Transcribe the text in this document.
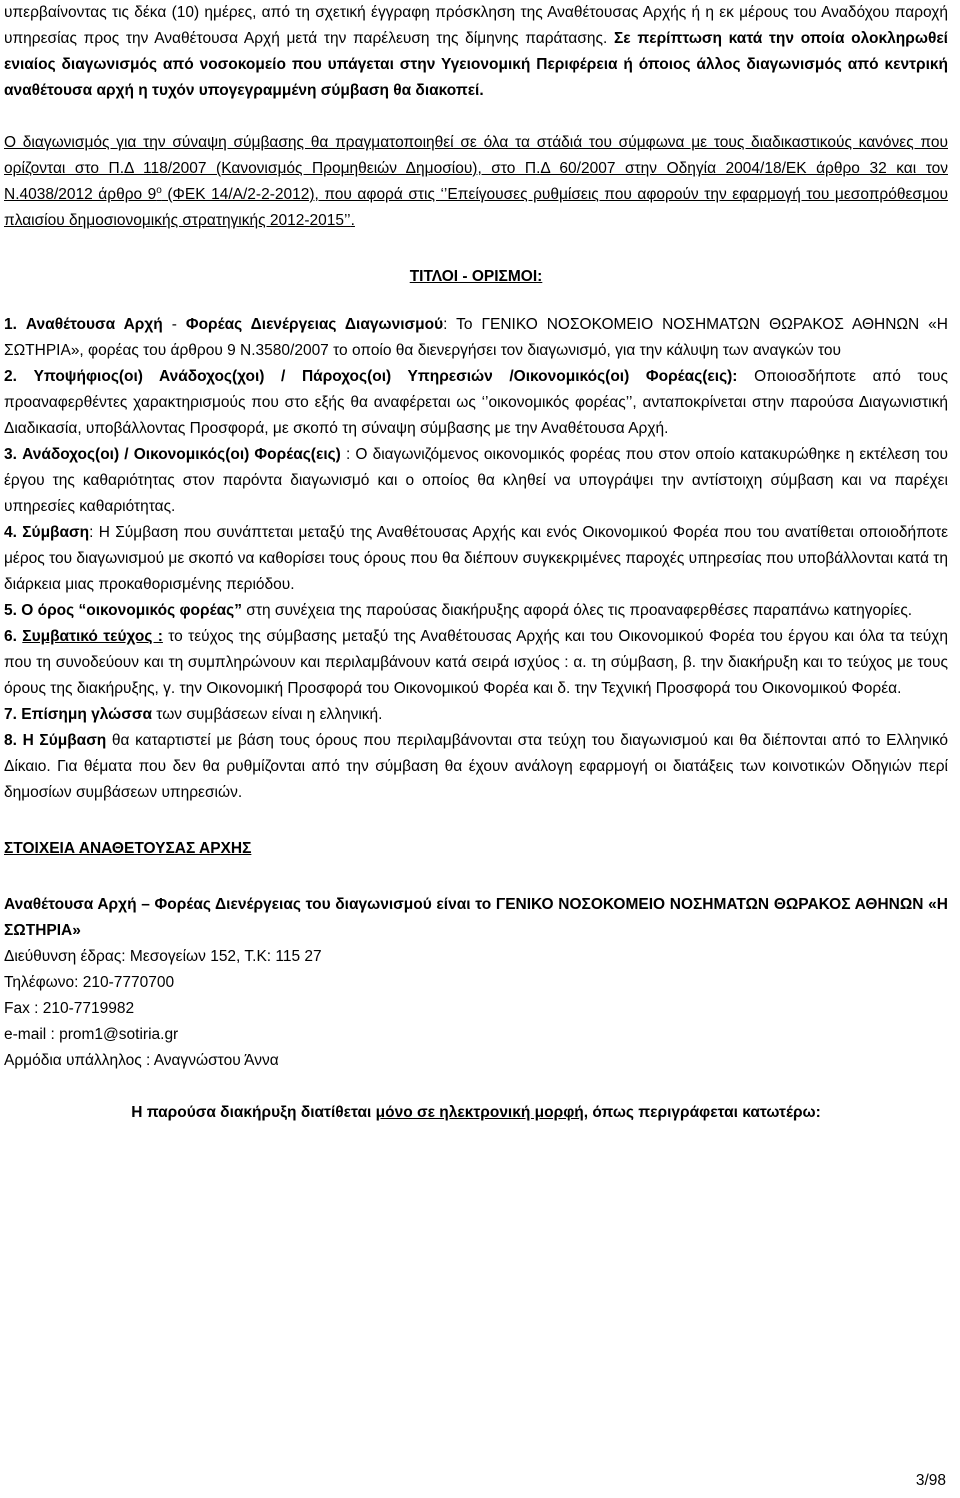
υπερβαίνοντας τις δέκα (10) ημέρες, από τη σχετική έγγραφη πρόσκληση της Αναθέτουσας Αρχής ή η εκ μέρους του Αναδόχου παροχή υπηρεσίας προς την Αναθέτουσα Αρχή μετά την παρέλευση της δίμηνης παράτασης. Σε περίπτωση κατά την οποία ολοκληρωθεί ενιαίος διαγωνισμός από νοσοκομείο που υπάγεται στην Υγειονομική Περιφέρεια ή όποιος άλλος διαγωνισμός από κεντρική αναθέτουσα αρχή η τυχόν υπογεγραμμένη σύμβαση θα διακοπεί.

Ο διαγωνισμός για την σύναψη σύμβασης θα πραγματοποιηθεί σε όλα τα στάδιά του σύμφωνα με τους διαδικαστικούς κανόνες που ορίζονται στο Π.Δ 118/2007 (Κανονισμός Προμηθειών Δημοσίου), στο Π.Δ 60/2007 στην Οδηγία 2004/18/ΕΚ άρθρο 32 και τον Ν.4038/2012 άρθρο $9^o$ (ΦΕΚ 14/Α/2-2-2012), που αφορά στις ‘’Επείγουσες ρυθμίσεις που αφορούν την εφαρμογή του μεσοπρόθεσμου πλαισίου δημοσιονομικής στρατηγικής 2012-2015’’.

ΤΙΤΛΟΙ - ΟΡΙΣΜΟΙ:

1. Αναθέτουσα Αρχή - Φορέας Διενέργειας Διαγωνισμού: Το ΓΕΝΙΚΟ ΝΟΣΟΚΟΜΕΙΟ ΝΟΣΗΜΑΤΩΝ ΘΩΡΑΚΟΣ ΑΘΗΝΩΝ «Η ΣΩΤΗΡΙΑ», φορέας του άρθρου 9 Ν.3580/2007 το οποίο θα διενεργήσει τον διαγωνισμό, για την κάλυψη των αναγκών του

2. Υποψήφιος(οι) Ανάδοχος(χοι) / Πάροχος(οι) Υπηρεσιών /Οικονομικός(οι) Φορέας(εις): Οποιοσδήποτε από τους προαναφερθέντες χαρακτηρισμούς που στο εξής θα αναφέρεται ως ‘’οικονομικός φορέας’’, ανταποκρίνεται στην παρούσα Διαγωνιστική Διαδικασία, υποβάλλοντας Προσφορά, με σκοπό τη σύναψη σύμβασης με την Αναθέτουσα Αρχή.

3. Ανάδοχος(οι) / Οικονομικός(οι) Φορέας(εις) : Ο διαγωνιζόμενος οικονομικός φορέας που στον οποίο κατακυρώθηκε η εκτέλεση του έργου της καθαριότητας στον παρόντα διαγωνισμό και ο οποίος θα κληθεί να υπογράψει την αντίστοιχη σύμβαση και να παρέχει υπηρεσίες καθαριότητας.

4. Σύμβαση: Η Σύμβαση που συνάπτεται μεταξύ της Αναθέτουσας Αρχής και ενός Οικονομικού Φορέα που του ανατίθεται οποιοδήποτε μέρος του διαγωνισμού με σκοπό να καθορίσει τους όρους που θα διέπουν συγκεκριμένες παροχές υπηρεσίας που υποβάλλονται κατά τη διάρκεια μιας προκαθορισμένης περιόδου.

5. Ο όρος “οικονομικός φορέας” στη συνέχεια της παρούσας διακήρυξης αφορά όλες τις προαναφερθέσες παραπάνω κατηγορίες.

6. Συμβατικό τεύχος : το τεύχος της σύμβασης μεταξύ της Αναθέτουσας Αρχής και του Οικονομικού Φορέα του έργου και όλα τα τεύχη που τη συνοδεύουν και τη συμπληρώνουν και περιλαμβάνουν κατά σειρά ισχύος : α. τη σύμβαση, β. την διακήρυξη και το τεύχος με τους όρους της διακήρυξης, γ. την Οικονομική Προσφορά του Οικονομικού Φορέα και δ. την Τεχνική Προσφορά του Οικονομικού Φορέα.

7. Επίσημη γλώσσα των συμβάσεων είναι η ελληνική.

8. Η Σύμβαση θα καταρτιστεί με βάση τους όρους που περιλαμβάνονται στα τεύχη του διαγωνισμού και θα διέπονται από το Ελληνικό Δίκαιο. Για θέματα που δεν θα ρυθμίζονται από την σύμβαση θα έχουν ανάλογη εφαρμογή οι διατάξεις των κοινοτικών Οδηγιών περί δημοσίων συμβάσεων υπηρεσιών.

ΣΤΟΙΧΕΙΑ ΑΝΑΘΕΤΟΥΣΑΣ ΑΡΧΗΣ

Αναθέτουσα Αρχή – Φορέας Διενέργειας του διαγωνισμού είναι το ΓΕΝΙΚΟ ΝΟΣΟΚΟΜΕΙΟ ΝΟΣΗΜΑΤΩΝ ΘΩΡΑΚΟΣ ΑΘΗΝΩΝ «Η ΣΩΤΗΡΙΑ»

Διεύθυνση έδρας: Μεσογείων 152, Τ.Κ: 115 27

Τηλέφωνο: 210-7770700

Fax : 210-7719982

e-mail : prom1@sotiria.gr

Αρμόδια υπάλληλος : Αναγνώστου Άννα

Η παρούσα διακήρυξη διατίθεται μόνο σε ηλεκτρονική μορφή, όπως περιγράφεται κατωτέρω:

3/98
